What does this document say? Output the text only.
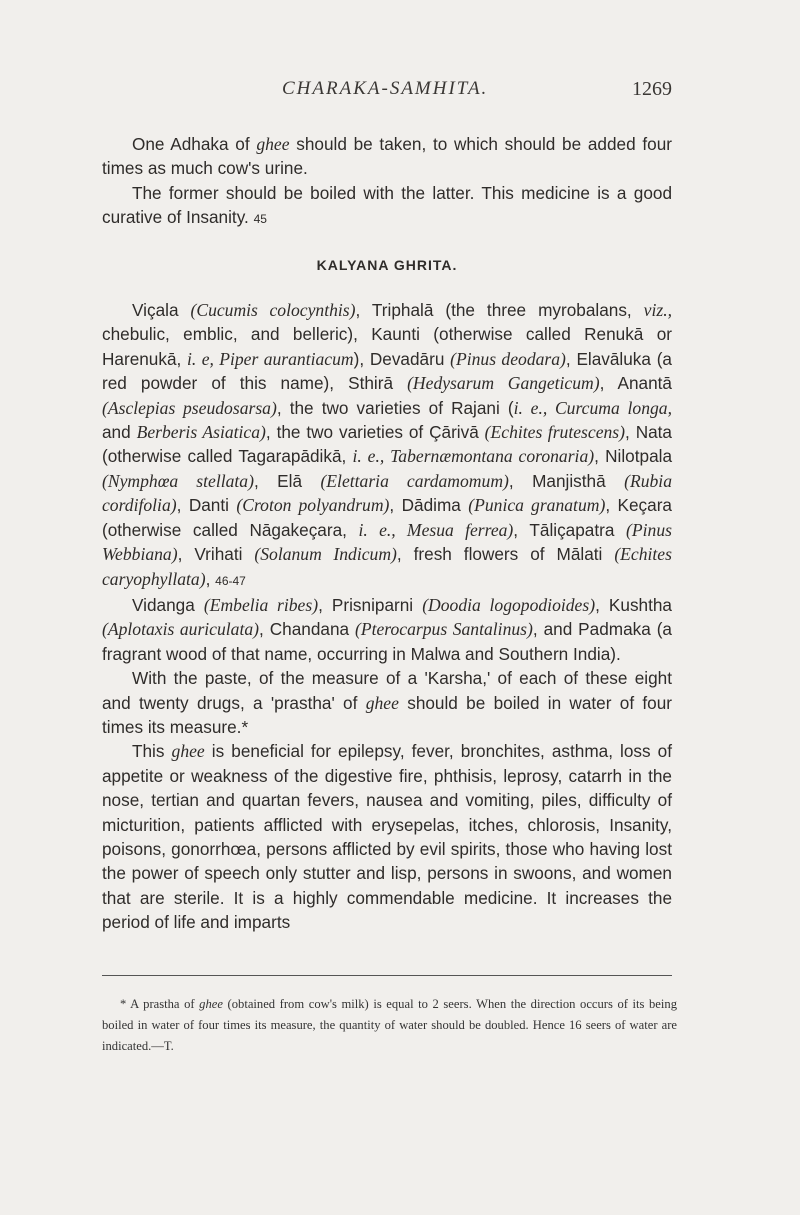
CHARAKA-SAMHITA.	1269

One Adhaka of ghee should be taken, to which should be added four times as much cow's urine.

The former should be boiled with the latter. This medicine is a good curative of Insanity. 45

KALYANA GHRITA.

Viçala (Cucumis colocynthis), Triphalā (the three myrobalans, viz., chebulic, emblic, and belleric), Kaunti (otherwise called Renukā or Harenukā, i. e, Piper aurantiacum), Devadāru (Pinus deodara), Elavāluka (a red powder of this name), Sthirā (Hedysarum Gangeticum), Anantā (Asclepias pseudosarsa), the two varieties of Rajani (i. e., Curcuma longa, and Berberis Asiatica), the two varieties of Çārivā (Echites frutescens), Nata (otherwise called Tagarapādikā, i. e., Tabernæmontana coronaria), Nilotpala (Nymphœa stellata), Elā (Elettaria cardamomum), Manjisthā (Rubia cordifolia), Danti (Croton polyandrum), Dādima (Punica granatum), Keçara (otherwise called Nāgakeçara, i. e., Mesua ferrea), Tāliçapatra (Pinus Webbiana), Vrihati (Solanum Indicum), fresh flowers of Mālati (Echites caryophyllata), 46-47

Vidanga (Embelia ribes), Prisniparni (Doodia logopodioides), Kushtha (Aplotaxis auriculata), Chandana (Pterocarpus Santalinus), and Padmaka (a fragrant wood of that name, occurring in Malwa and Southern India).

With the paste, of the measure of a 'Karsha,' of each of these eight and twenty drugs, a 'prastha' of ghee should be boiled in water of four times its measure.*

This ghee is beneficial for epilepsy, fever, bronchites, asthma, loss of appetite or weakness of the digestive fire, phthisis, leprosy, catarrh in the nose, tertian and quartan fevers, nausea and vomiting, piles, difficulty of micturition, patients afflicted with erysepelas, itches, chlorosis, Insanity, poisons, gonorrhœa, persons afflicted by evil spirits, those who having lost the power of speech only stutter and lisp, persons in swoons, and women that are sterile. It is a highly commendable medicine. It increases the period of life and imparts

* A prastha of ghee (obtained from cow's milk) is equal to 2 seers. When the direction occurs of its being boiled in water of four times its measure, the quantity of water should be doubled. Hence 16 seers of water are indicated.—T.
